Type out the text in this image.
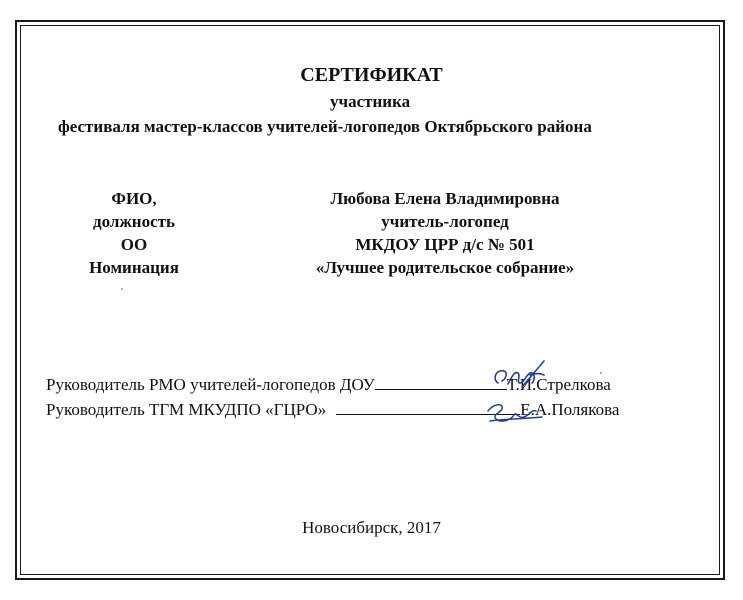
СЕРТИФИКАТ
участника
фестиваля мастер-классов учителей-логопедов Октябрьского района
ФИО,
должность
ОО
Номинация
Любова Елена Владимировна
учитель-логопед
МКДОУ ЦРР д/с № 501
«Лучшее родительское собрание»
Руководитель РМО учителей-логопедов ДОУ	Т.И.Стрелкова
Руководитель ТГМ МКУДПО «ГЦРО»	Е.А.Полякова
Новосибирск, 2017
